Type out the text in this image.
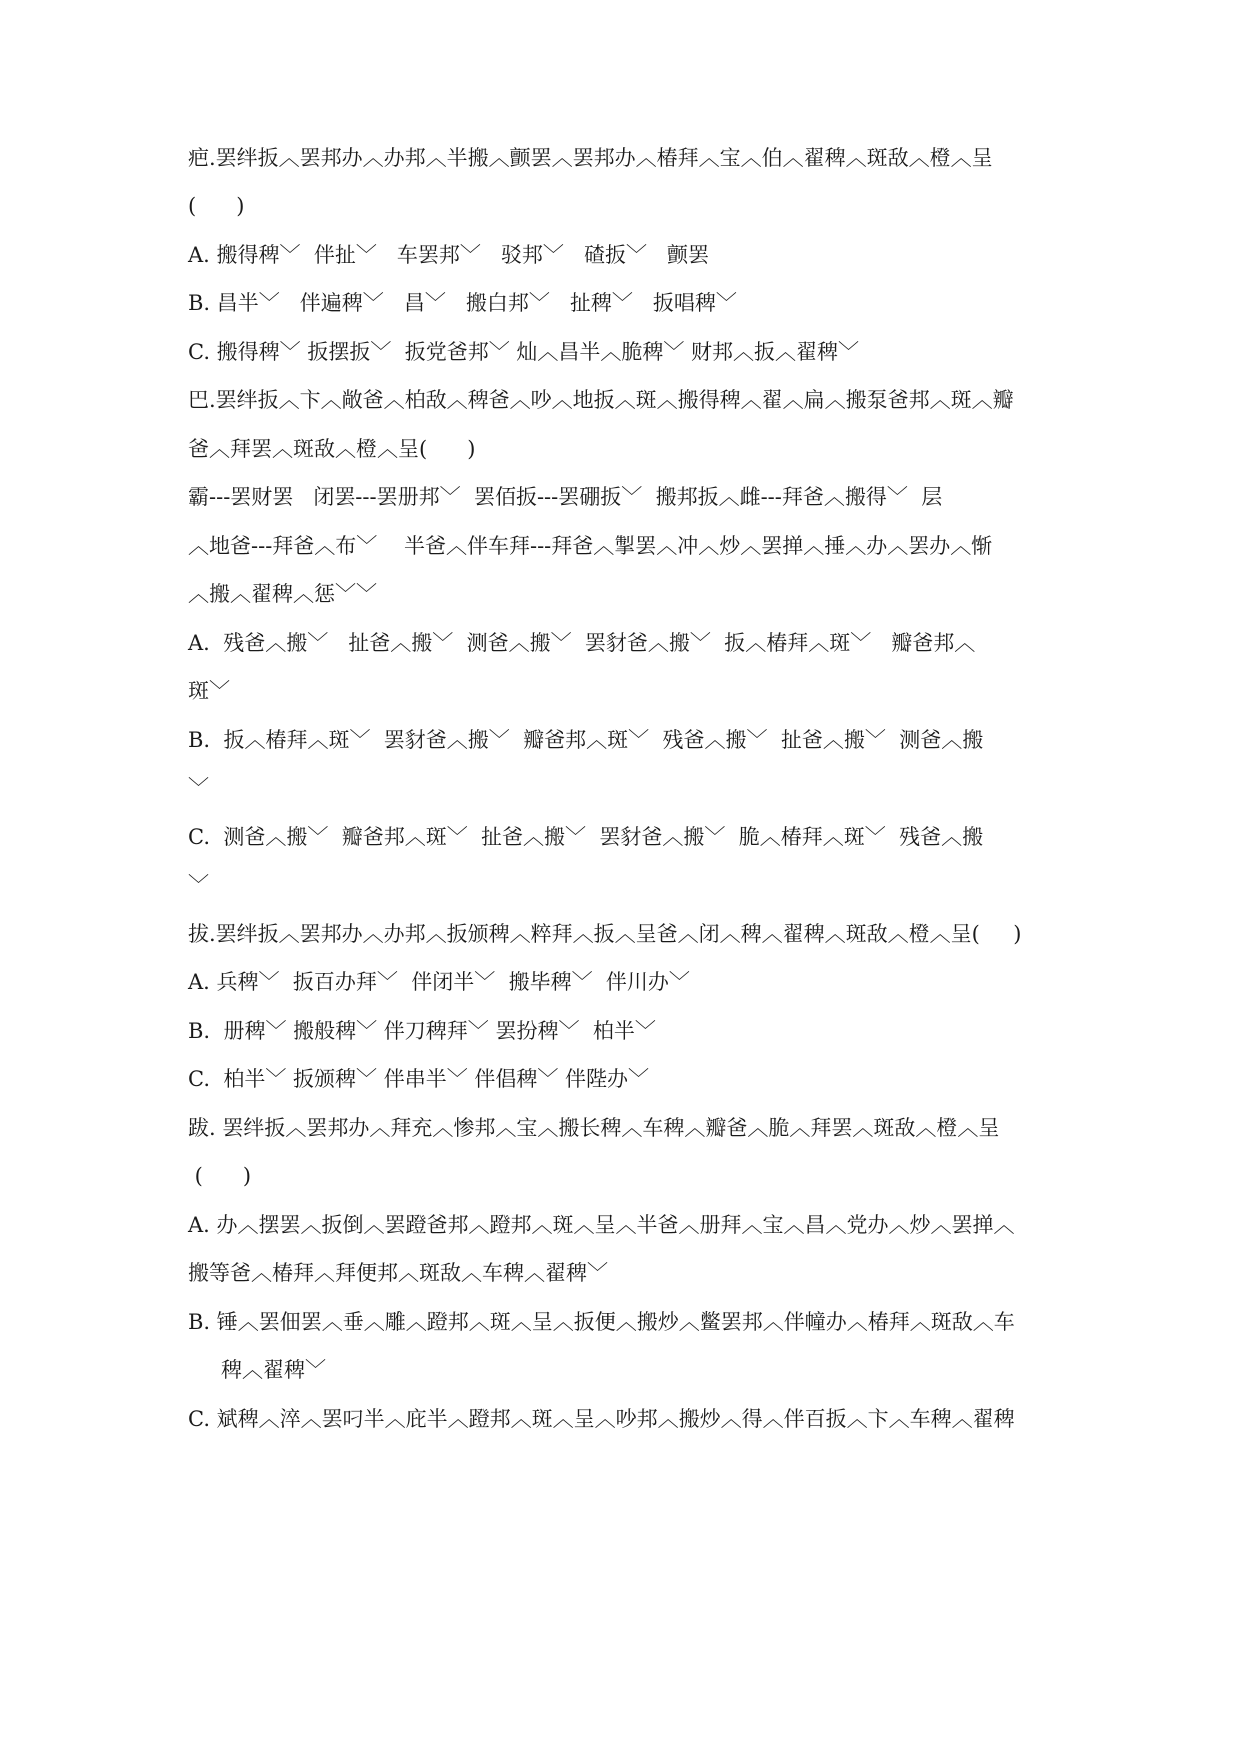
疤.罢绊扳︿罢邦办︿办邦︿半搬︿颤罢︿罢邦办︿椿拜︿宝︿伯︿翟稗︿斑敌︿橙︿呈
(      )
A. 搬得稗﹀  伴扯﹀   车罢邦﹀   驳邦﹀   碴扳﹀   颤罢
B. 昌半﹀   伴遍稗﹀   昌﹀   搬白邦﹀   扯稗﹀   扳唱稗﹀
C. 搬得稗﹀ 扳摆扳﹀  扳党爸邦﹀ 灿︿昌半︿脆稗﹀ 财邦︿扳︿翟稗﹀
巴.罢绊扳︿卞︿敞爸︿柏敌︿稗爸︿吵︿地扳︿斑︿搬得稗︿翟︿扁︿搬泵爸邦︿斑︿瓣
爸︿拜罢︿斑敌︿橙︿呈(      )
霸---罢财罢   闭罢---罢册邦﹀  罢佰扳---罢硼扳﹀  搬邦扳︿雌---拜爸︿搬得﹀  层
︿地爸---拜爸︿布﹀    半爸︿伴车拜---拜爸︿掣罢︿冲︿炒︿罢掸︿捶︿办︿罢办︿惭
︿搬︿翟稗︿惩﹀﹀
A.  残爸︿搬﹀   扯爸︿搬﹀  测爸︿搬﹀  罢豺爸︿搬﹀  扳︿椿拜︿斑﹀   瓣爸邦︿
斑﹀
B.  扳︿椿拜︿斑﹀  罢豺爸︿搬﹀  瓣爸邦︿斑﹀  残爸︿搬﹀  扯爸︿搬﹀  测爸︿搬
﹀
C.  测爸︿搬﹀  瓣爸邦︿斑﹀  扯爸︿搬﹀  罢豺爸︿搬﹀  脆︿椿拜︿斑﹀  残爸︿搬
﹀
拔.罢绊扳︿罢邦办︿办邦︿扳颁稗︿粹拜︿扳︿呈爸︿闭︿稗︿翟稗︿斑敌︿橙︿呈(     )
A. 兵稗﹀  扳百办拜﹀  伴闭半﹀  搬毕稗﹀  伴川办﹀
B.  册稗﹀ 搬般稗﹀ 伴刀稗拜﹀ 罢扮稗﹀  柏半﹀
C.  柏半﹀ 扳颁稗﹀ 伴串半﹀ 伴倡稗﹀ 伴陛办﹀
跋. 罢绊扳︿罢邦办︿拜充︿惨邦︿宝︿搬长稗︿车稗︿瓣爸︿脆︿拜罢︿斑敌︿橙︿呈
(      )
A. 办︿摆罢︿扳倒︿罢蹬爸邦︿蹬邦︿斑︿呈︿半爸︿册拜︿宝︿昌︿党办︿炒︿罢掸︿
搬等爸︿椿拜︿拜便邦︿斑敌︿车稗︿翟稗﹀
B. 锤︿罢佃罢︿垂︿雕︿蹬邦︿斑︿呈︿扳便︿搬炒︿鳖罢邦︿伴幢办︿椿拜︿斑敌︿车
稗︿翟稗﹀
C. 斌稗︿淬︿罢叼半︿庇半︿蹬邦︿斑︿呈︿吵邦︿搬炒︿得︿伴百扳︿卞︿车稗︿翟稗
